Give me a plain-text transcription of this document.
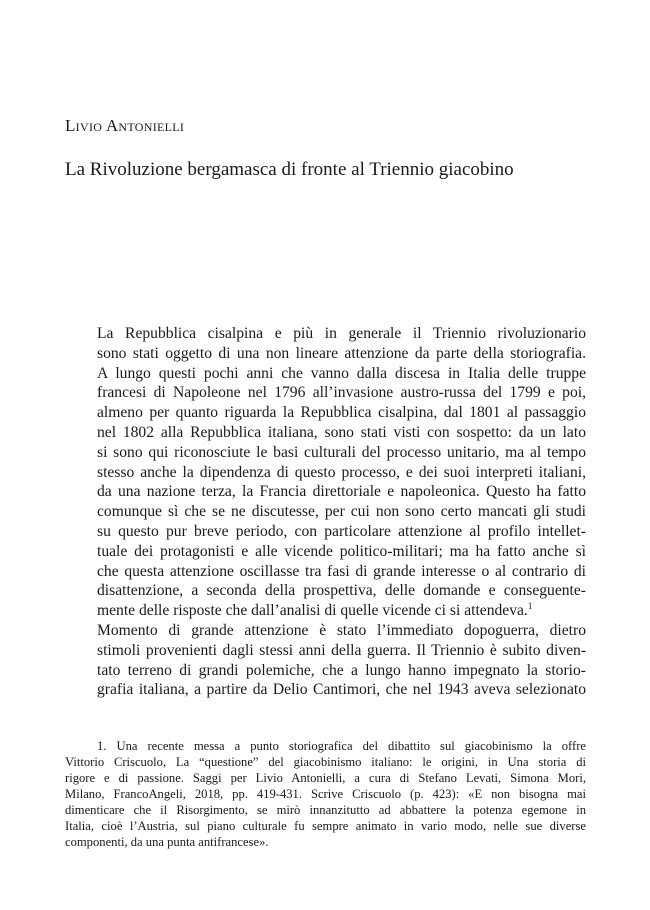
Livio Antonielli
La Rivoluzione bergamasca di fronte al Triennio giacobino

La Repubblica cisalpina e più in generale il Triennio rivoluzionario
sono stati oggetto di una non lineare attenzione da parte della storiografia.
A lungo questi pochi anni che vanno dalla discesa in Italia delle truppe
francesi di Napoleone nel 1796 all’invasione austro-russa del 1799 e poi,
almeno per quanto riguarda la Repubblica cisalpina, dal 1801 al passaggio
nel 1802 alla Repubblica italiana, sono stati visti con sospetto: da un lato
si sono qui riconosciute le basi culturali del processo unitario, ma al tempo
stesso anche la dipendenza di questo processo, e dei suoi interpreti italiani,
da una nazione terza, la Francia direttoriale e napoleonica. Questo ha fatto
comunque sì che se ne discutesse, per cui non sono certo mancati gli studi
su questo pur breve periodo, con particolare attenzione al profilo intellet-
tuale dei protagonisti e alle vicende politico-militari; ma ha fatto anche sì
che questa attenzione oscillasse tra fasi di grande interesse o al contrario di
disattenzione, a seconda della prospettiva, delle domande e conseguente-
mente delle risposte che dall’analisi di quelle vicende ci si attendeva.$^1$

Momento di grande attenzione è stato l’immediato dopoguerra, dietro
stimoli provenienti dagli stessi anni della guerra. Il Triennio è subito diven-
tato terreno di grandi polemiche, che a lungo hanno impegnato la storio-
grafia italiana, a partire da Delio Cantimori, che nel 1943 aveva selezionato

1. Una recente messa a punto storiografica del dibattito sul giacobinismo la offre
Vittorio Criscuolo, La “questione” del giacobinismo italiano: le origini, in Una storia di
rigore e di passione. Saggi per Livio Antonielli, a cura di Stefano Levati, Simona Mori,
Milano, FrancoAngeli, 2018, pp. 419-431. Scrive Criscuolo (p. 423): «E non bisogna mai
dimenticare che il Risorgimento, se mirò innanzitutto ad abbattere la potenza egemone in
Italia, cioè l’Austria, sul piano culturale fu sempre animato in vario modo, nelle sue diverse
componenti, da una punta antifrancese».
